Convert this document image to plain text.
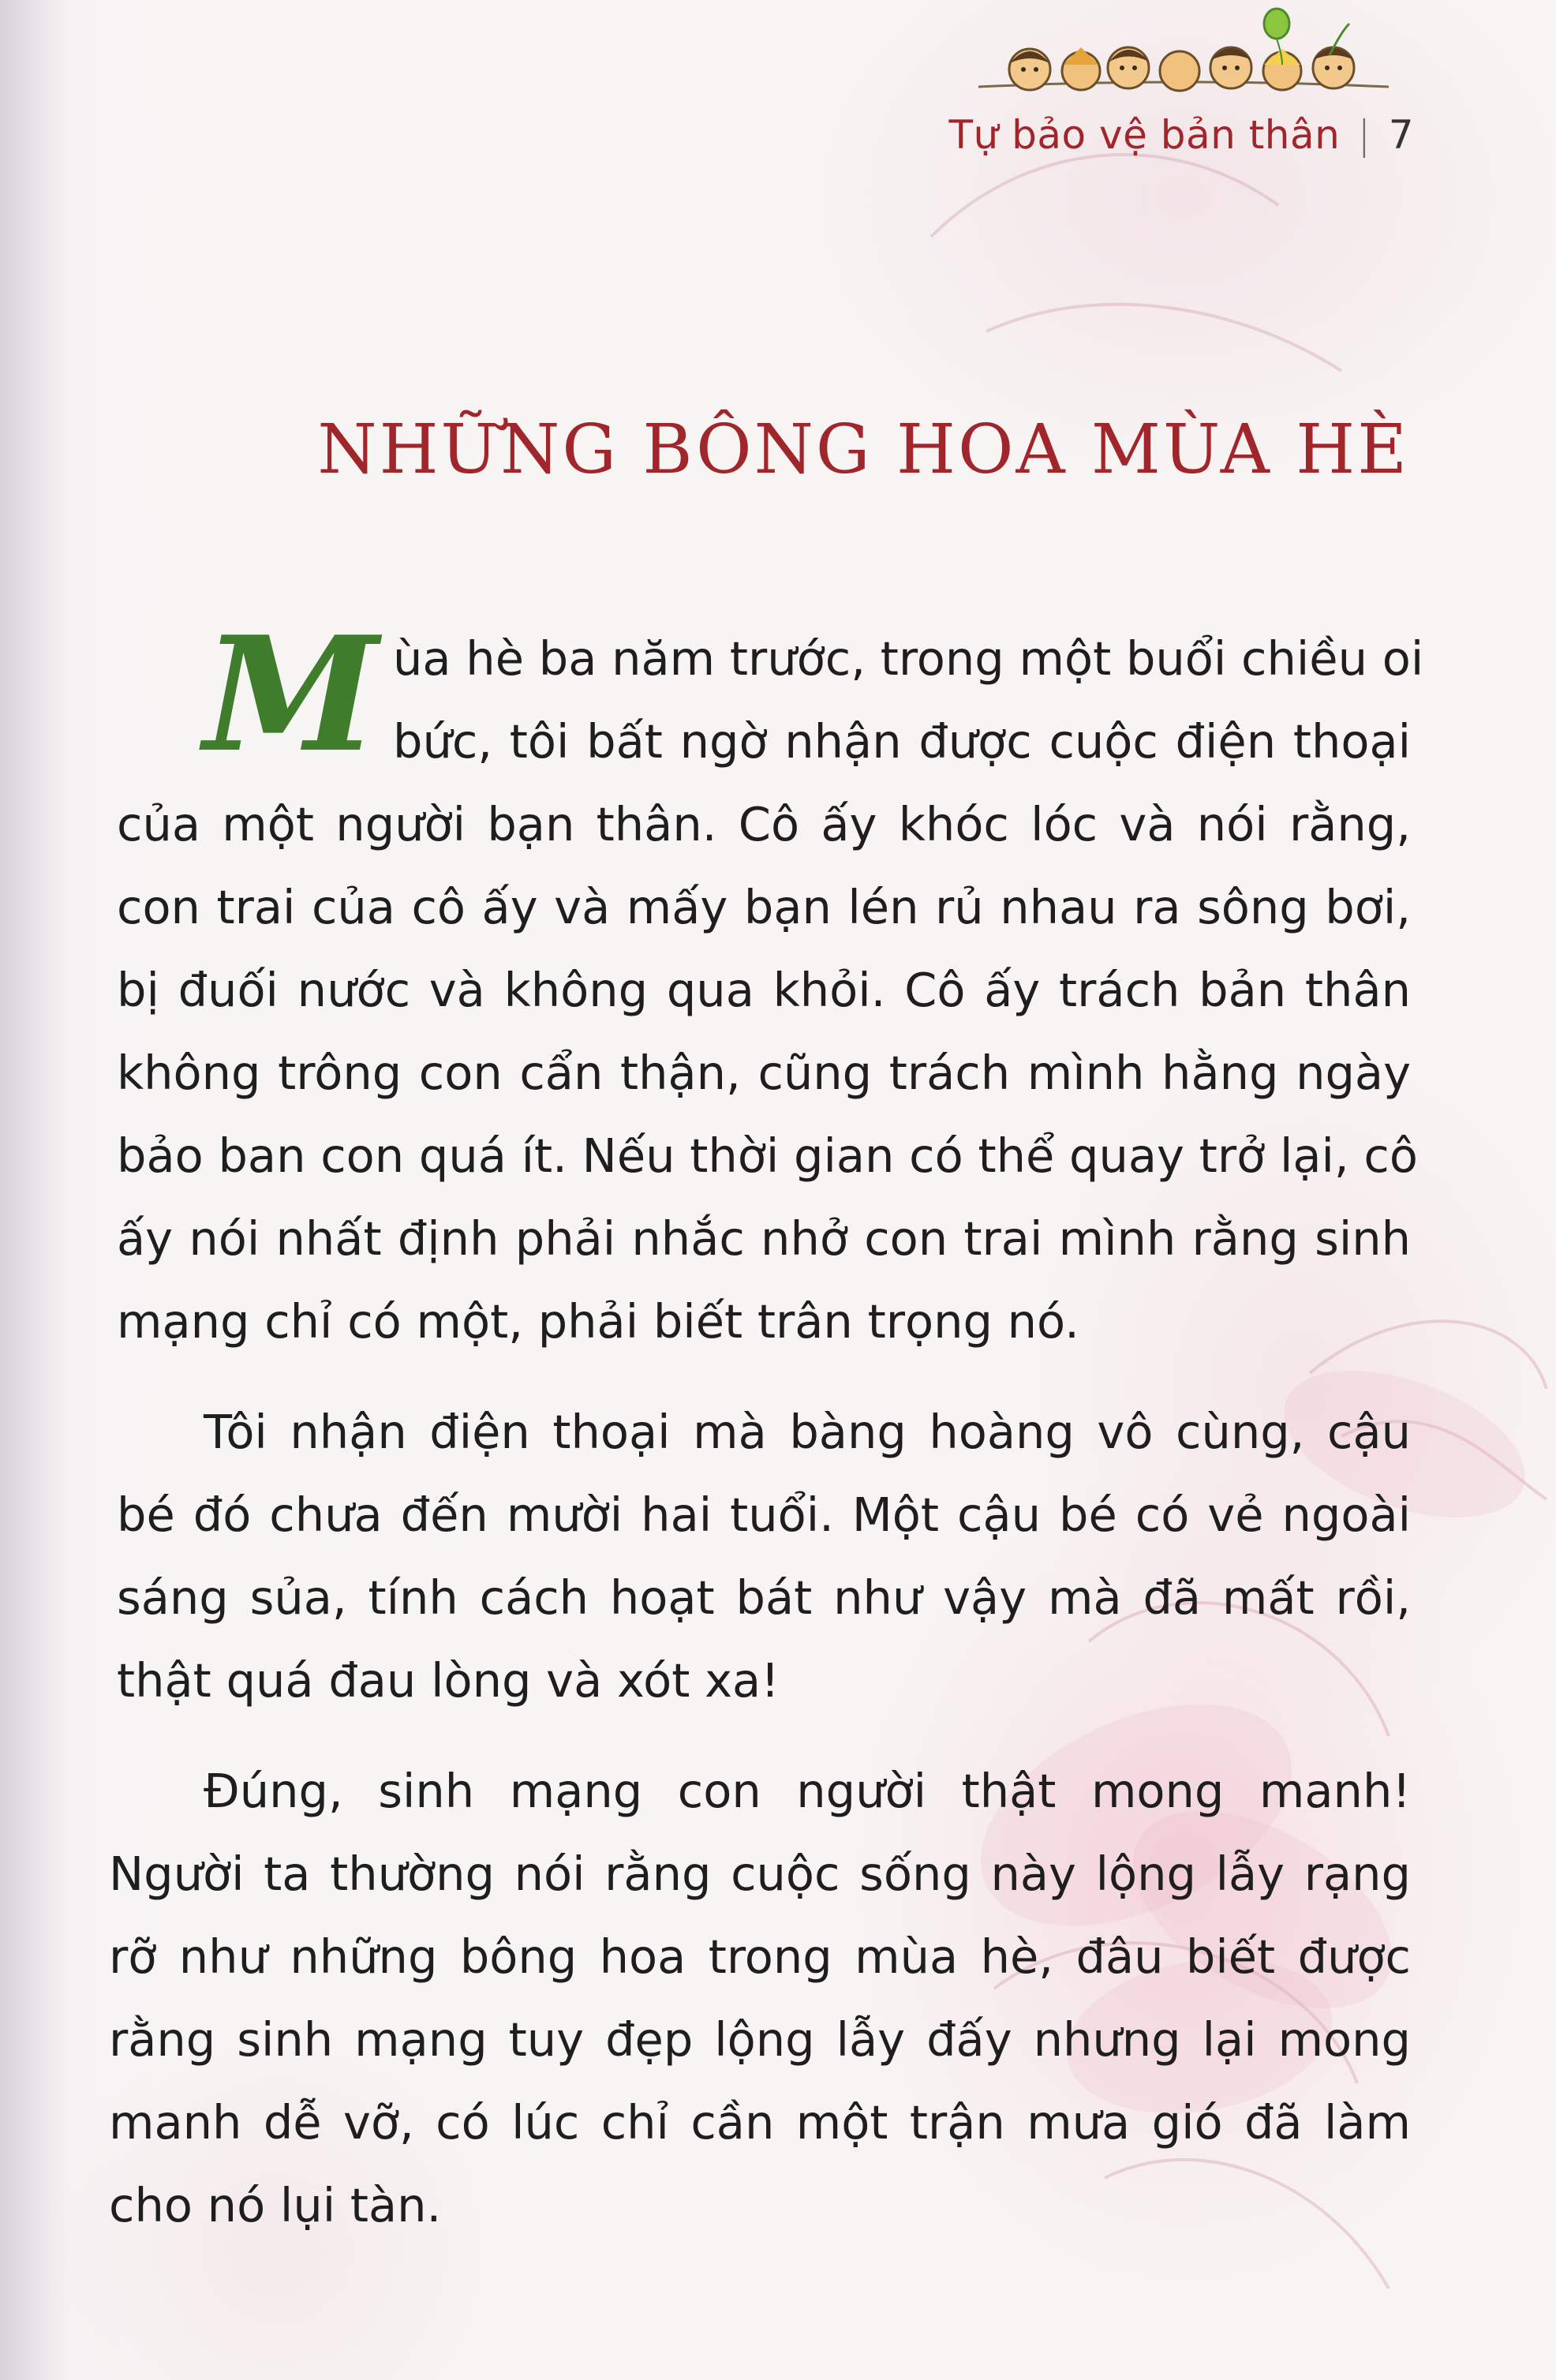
Tự bảo vệ bản thân | 7
NHỮNG BÔNG HOA MÙA HÈ
M ùa hè ba năm trước, trong một buổi chiều oi
bức, tôi bất ngờ nhận được cuộc điện thoại
của một người bạn thân. Cô ấy khóc lóc và nói rằng,
con trai của cô ấy và mấy bạn lén rủ nhau ra sông bơi,
bị đuối nước và không qua khỏi. Cô ấy trách bản thân
không trông con cẩn thận, cũng trách mình hằng ngày
bảo ban con quá ít. Nếu thời gian có thể quay trở lại, cô
ấy nói nhất định phải nhắc nhở con trai mình rằng sinh
mạng chỉ có một, phải biết trân trọng nó.
Tôi nhận điện thoại mà bàng hoàng vô cùng, cậu
bé đó chưa đến mười hai tuổi. Một cậu bé có vẻ ngoài
sáng sủa, tính cách hoạt bát như vậy mà đã mất rồi,
thật quá đau lòng và xót xa!
Đúng, sinh mạng con người thật mong manh!
Người ta thường nói rằng cuộc sống này lộng lẫy rạng
rỡ như những bông hoa trong mùa hè, đâu biết được
rằng sinh mạng tuy đẹp lộng lẫy đấy nhưng lại mong
manh dễ vỡ, có lúc chỉ cần một trận mưa gió đã làm
cho nó lụi tàn.
